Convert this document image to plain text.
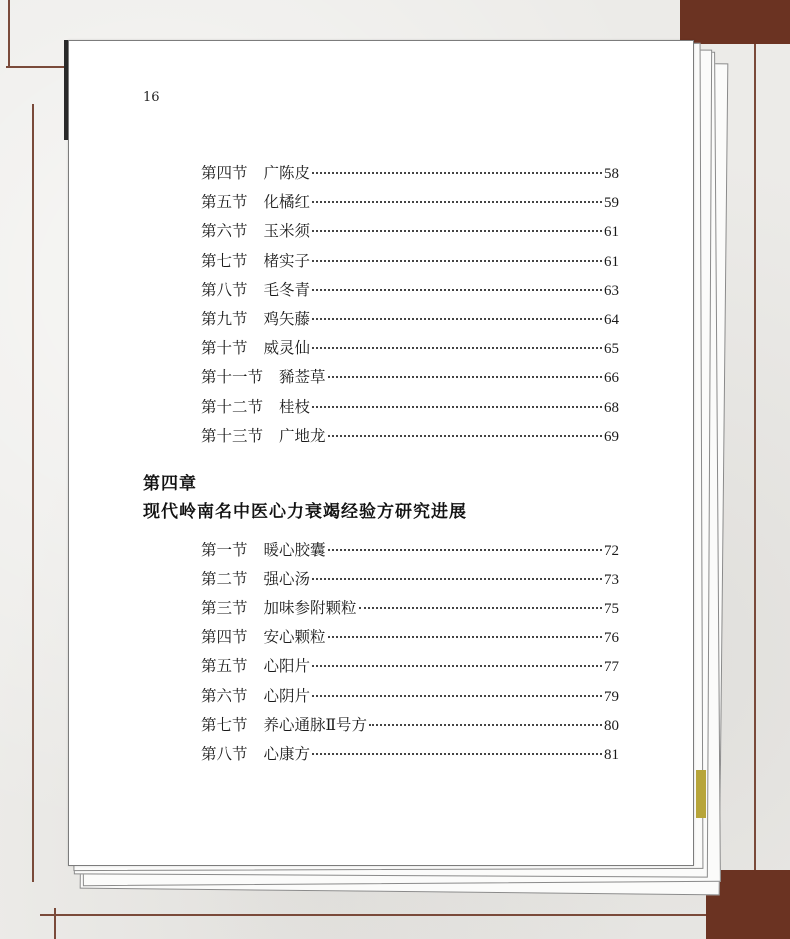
16
第四节 广陈皮	58
第五节 化橘红	59
第六节 玉米须	61
第七节 楮实子	61
第八节 毛冬青	63
第九节 鸡矢藤	64
第十节 威灵仙	65
第十一节 豨莶草	66
第十二节 桂枝	68
第十三节 广地龙	69
第四章
现代岭南名中医心力衰竭经验方研究进展
第一节 暖心胶囊	72
第二节 强心汤	73
第三节 加味参附颗粒	75
第四节 安心颗粒	76
第五节 心阳片	77
第六节 心阴片	79
第七节 养心通脉Ⅱ号方	80
第八节 心康方	81
